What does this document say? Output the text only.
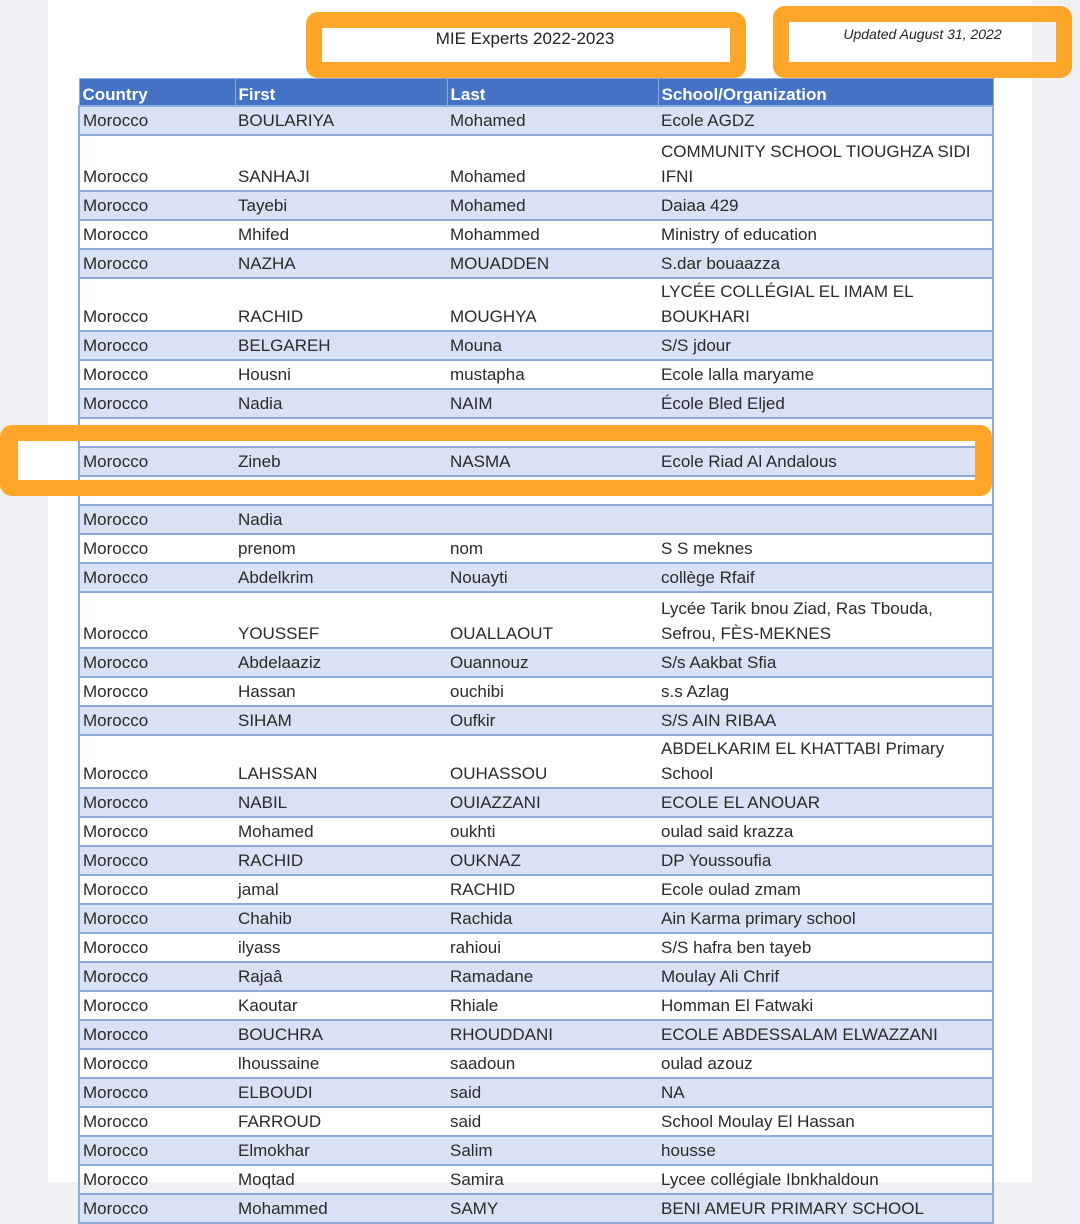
MIE Experts 2022-2023	Updated August 31, 2022
Country	First	Last	School/Organization
Morocco	BOULARIYA	Mohamed	Ecole AGDZ
Morocco	SANHAJI	Mohamed	COMMUNITY SCHOOL TIOUGHZA SIDI IFNI
Morocco	Tayebi	Mohamed	Daiaa 429
Morocco	Mhifed	Mohammed	Ministry of education
Morocco	NAZHA	MOUADDEN	S.dar bouaazza
Morocco	RACHID	MOUGHYA	LYCÉE COLLÉGIAL EL IMAM EL BOUKHARI
Morocco	BELGAREH	Mouna	S/S jdour
Morocco	Housni	mustapha	Ecole lalla maryame
Morocco	Nadia	NAIM	École Bled Eljed
Morocco	HAKIM	NAJIM	S/S LAHMAMDA
Morocco	Zineb	NASMA	Ecole Riad Al Andalous
Morocco	Asmae	NASRI	Bnou Adhari School
Morocco	Nadia		
Morocco	prenom	nom	S S meknes
Morocco	Abdelkrim	Nouayti	collège Rfaif
Morocco	YOUSSEF	OUALLAOUT	Lycée Tarik bnou Ziad, Ras Tbouda, Sefrou, FÈS-MEKNES
Morocco	Abdelaaziz	Ouannouz	S/s Aakbat Sfia
Morocco	Hassan	ouchibi	s.s Azlag
Morocco	SIHAM	Oufkir	S/S AIN RIBAA
Morocco	LAHSSAN	OUHASSOU	ABDELKARIM EL KHATTABI Primary School
Morocco	NABIL	OUIAZZANI	ECOLE EL ANOUAR
Morocco	Mohamed	oukhti	oulad said krazza
Morocco	RACHID	OUKNAZ	DP Youssoufia
Morocco	jamal	RACHID	Ecole oulad zmam
Morocco	Chahib	Rachida	Ain Karma primary school
Morocco	ilyass	rahioui	S/S hafra ben tayeb
Morocco	Rajaâ	Ramadane	Moulay Ali Chrif
Morocco	Kaoutar	Rhiale	Homman El Fatwaki
Morocco	BOUCHRA	RHOUDDANI	ECOLE ABDESSALAM ELWAZZANI
Morocco	lhoussaine	saadoun	oulad azouz
Morocco	ELBOUDI	said	NA
Morocco	FARROUD	said	School Moulay El Hassan
Morocco	Elmokhar	Salim	housse
Morocco	Moqtad	Samira	Lycee collégiale Ibnkhaldoun
Morocco	Mohammed	SAMY	BENI AMEUR PRIMARY SCHOOL
